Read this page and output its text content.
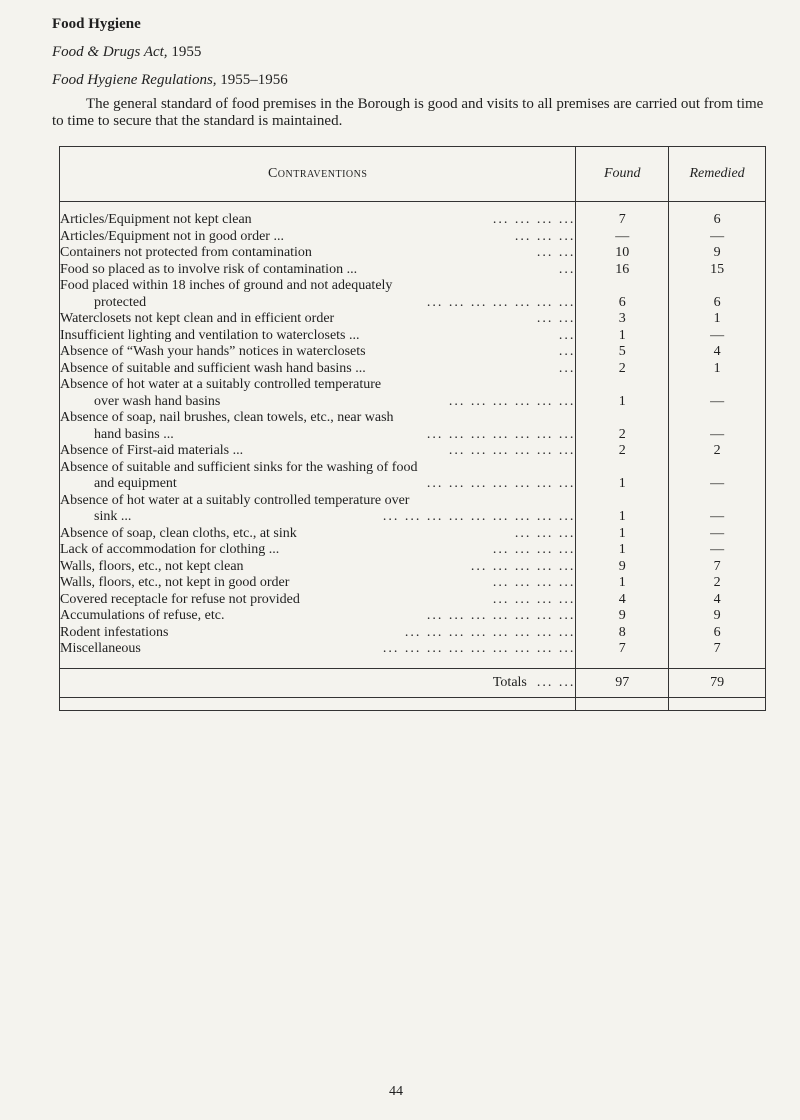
Food Hygiene
Food & Drugs Act, 1955
Food Hygiene Regulations, 1955–1956
The general standard of food premises in the Borough is good and visits to all premises are carried out from time to time to secure that the standard is maintained.
Contraventions	Found	Remedied

... ... ... ...
Articles/Equipment not kept clean	7	6

... ... ...
Articles/Equipment not in good order ...	—	—

... ...
Containers not protected from contamination	10	9

...
Food so placed as to involve risk of contamination ...	16	15
Food placed within 18 inches of ground and not adequately

... ... ... ... ... ... ...
protected	6	6

... ...
Waterclosets not kept clean and in efficient order	3	1

...
Insufficient lighting and ventilation to waterclosets ...	1	—

...
Absence of “Wash your hands” notices in waterclosets	5	4

...
Absence of suitable and sufficient wash hand basins ...	2	1
Absence of hot water at a suitably controlled temperature

... ... ... ... ... ...
over wash hand basins	1	—
Absence of soap, nail brushes, clean towels, etc., near wash

... ... ... ... ... ... ...
hand basins ...	2	—

... ... ... ... ... ...
Absence of First-aid materials ...	2	2
Absence of suitable and sufficient sinks for the washing of food

... ... ... ... ... ... ...
and equipment	1	—
Absence of hot water at a suitably controlled temperature over

... ... ... ... ... ... ... ... ...
sink ...	1	—

... ... ...
Absence of soap, clean cloths, etc., at sink	1	—

... ... ... ...
Lack of accommodation for clothing ...	1	—

... ... ... ... ...
Walls, floors, etc., not kept clean	9	7

... ... ... ...
Walls, floors, etc., not kept in good order	1	2

... ... ... ...
Covered receptacle for refuse not provided	4	4

... ... ... ... ... ... ...
Accumulations of refuse, etc.	9	9

... ... ... ... ... ... ... ...
Rodent infestations	8	6

... ... ... ... ... ... ... ... ...
Miscellaneous	7	7

Totals ... ...	97	79

44
